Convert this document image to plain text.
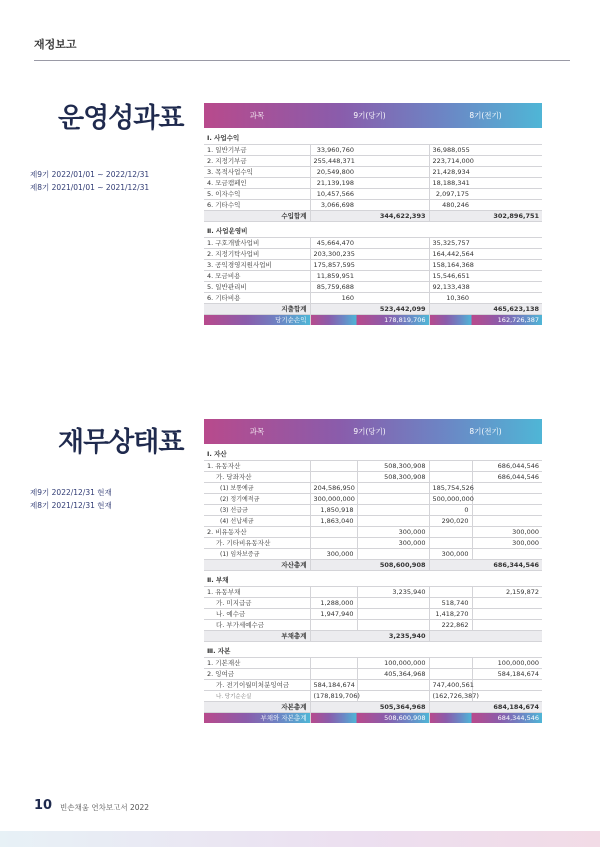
재정보고
운영성과표
제9기 2022/01/01 ~ 2022/12/31
제8기 2021/01/01 ~ 2021/12/31
과목	9기(당기)		8기(전기)	

Ⅰ. 사업수익				
1. 일반기부금	33,960,760		36,988,055	
2. 지정기부금	255,448,371		223,714,000	
3. 목적사업수익	20,549,800		21,428,934	
4. 모금캠페인	21,139,198		18,188,341	
5. 이자수익	10,457,566		2,097,175	
6. 기타수익	3,066,698		480,246	
수입합계		344,622,393		302,896,751

Ⅱ. 사업운영비				
1. 구호개발사업비	45,664,470		35,325,757	
2. 지정기탁사업비	203,300,235		164,442,564	
3. 공익경영지원사업비	175,857,595		158,164,368	
4. 모금비용	11,859,951		15,546,651	
5. 일반관리비	85,759,688		92,133,438	
6. 기타비용	160		10,360	
지출합계		523,442,099		465,623,138
당기순손익		178,819,706		162,726,387
재무상태표
제9기 2022/12/31 현재
제8기 2021/12/31 현재
과목	9기(당기)		8기(전기)	

Ⅰ. 자산				
1. 유동자산		508,300,908		686,044,546
가. 당좌자산		508,300,908		686,044,546
(1) 보통예금	204,586,950		185,754,526	
(2) 정기예적금	300,000,000		500,000,000	
(3) 선급금	1,850,918		0	
(4) 선납세금	1,863,040		290,020	
2. 비유동자산		300,000		300,000
가. 기타비유동자산		300,000		300,000
(1) 임차보증금	300,000		300,000	
자산총계		508,600,908		686,344,546

Ⅱ. 부채				
1. 유동부채		3,235,940		2,159,872
가. 미지급금	1,288,000		518,740	
나. 예수금	1,947,940		1,418,270	
다. 부가세예수금			222,862	
부채총계		3,235,940		

Ⅲ. 자본				
1. 기본재산		100,000,000		100,000,000
2. 잉여금		405,364,968		584,184,674
가. 전기이월미처분잉여금	584,184,674		747,400,561	
나. 당기순손실	(178,819,706)		(162,726,387)	
자본총계		505,364,968		684,184,674
부채와 자본총계		508,600,908		684,344,546
10 빈손채움 연차보고서 2022
